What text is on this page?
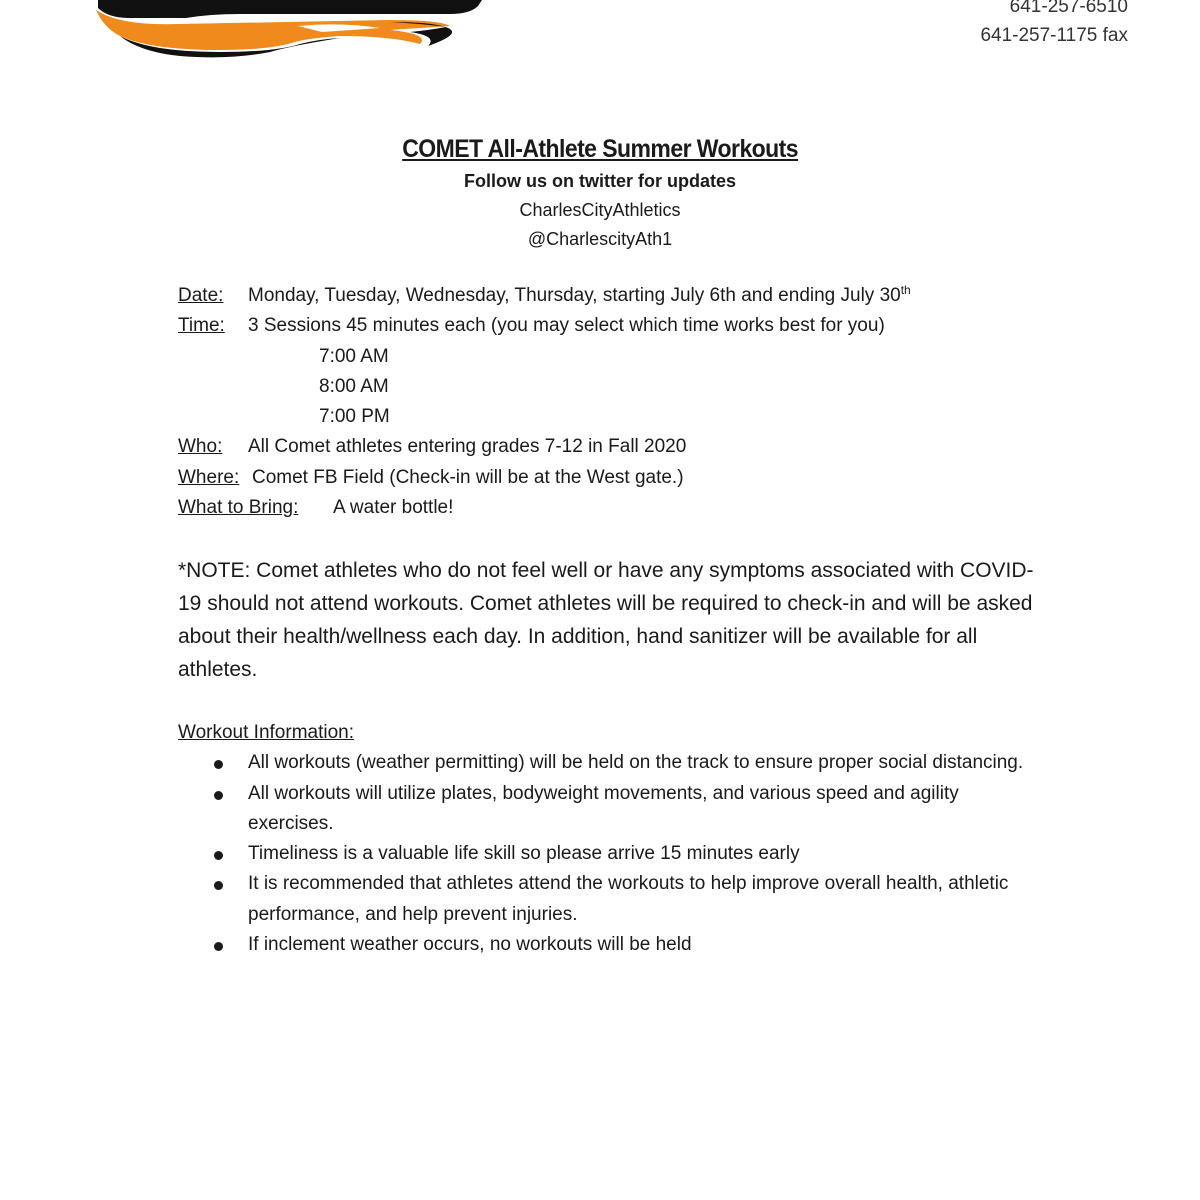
641-257-6510
641-257-1175 fax
COMET All-Athlete Summer Workouts
Follow us on twitter for updates
CharlesCityAthletics
@CharlescityAth1
Date: Monday, Tuesday, Wednesday, Thursday, starting July 6th and ending July 30th
Time: 3 Sessions 45 minutes each (you may select which time works best for you)
7:00 AM
8:00 AM
7:00 PM
Who: All Comet athletes entering grades 7-12 in Fall 2020
Where: Comet FB Field (Check-in will be at the West gate.)
What to Bring: A water bottle!
*NOTE: Comet athletes who do not feel well or have any symptoms associated with COVID-19 should not attend workouts. Comet athletes will be required to check-in and will be asked about their health/wellness each day. In addition, hand sanitizer will be available for all athletes.
Workout Information:
All workouts (weather permitting) will be held on the track to ensure proper social distancing.
All workouts will utilize plates, bodyweight movements, and various speed and agility exercises.
Timeliness is a valuable life skill so please arrive 15 minutes early
It is recommended that athletes attend the workouts to help improve overall health, athletic performance, and help prevent injuries.
If inclement weather occurs, no workouts will be held
